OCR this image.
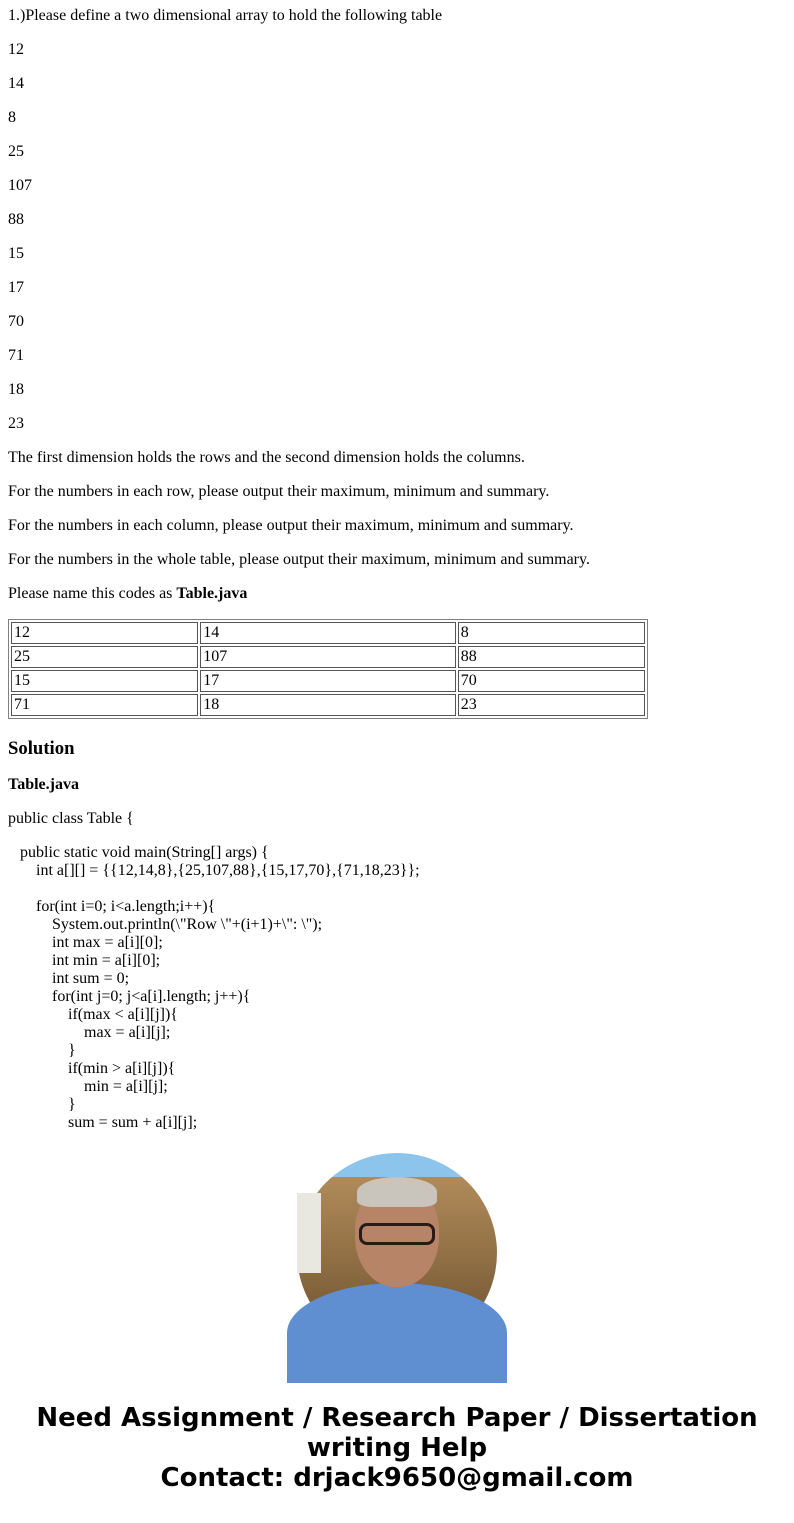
1.)Please define a two dimensional array to hold the following table

12

14

8

25

107

88

15

17

70

71

18

23

The first dimension holds the rows and the second dimension holds the columns.

For the numbers in each row, please output their maximum, minimum and summary.

For the numbers in each column, please output their maximum, minimum and summary.

For the numbers in the whole table, please output their maximum, minimum and summary.

Please name this codes as Table.java

12	14	8
25	107	88
15	17	70
71	18	23
Solution

Table.java

public class Table {

public static void main(String[] args) {
int a[][] = {{12,14,8},{25,107,88},{15,17,70},{71,18,23}};
for(int i=0; i<a.length;i++){
System.out.println(\"Row \"+(i+1)+\": \");
int max = a[i][0];
int min = a[i][0];
int sum = 0;
for(int j=0; j<a[i].length; j++){
if(max < a[i][j]){
max = a[i][j];
}
if(min > a[i][j]){
min = a[i][j];
}
sum = sum + a[i][j];
Need Assignment / Research Paper / Dissertation
writing Help
Contact: drjack9650@gmail.com
